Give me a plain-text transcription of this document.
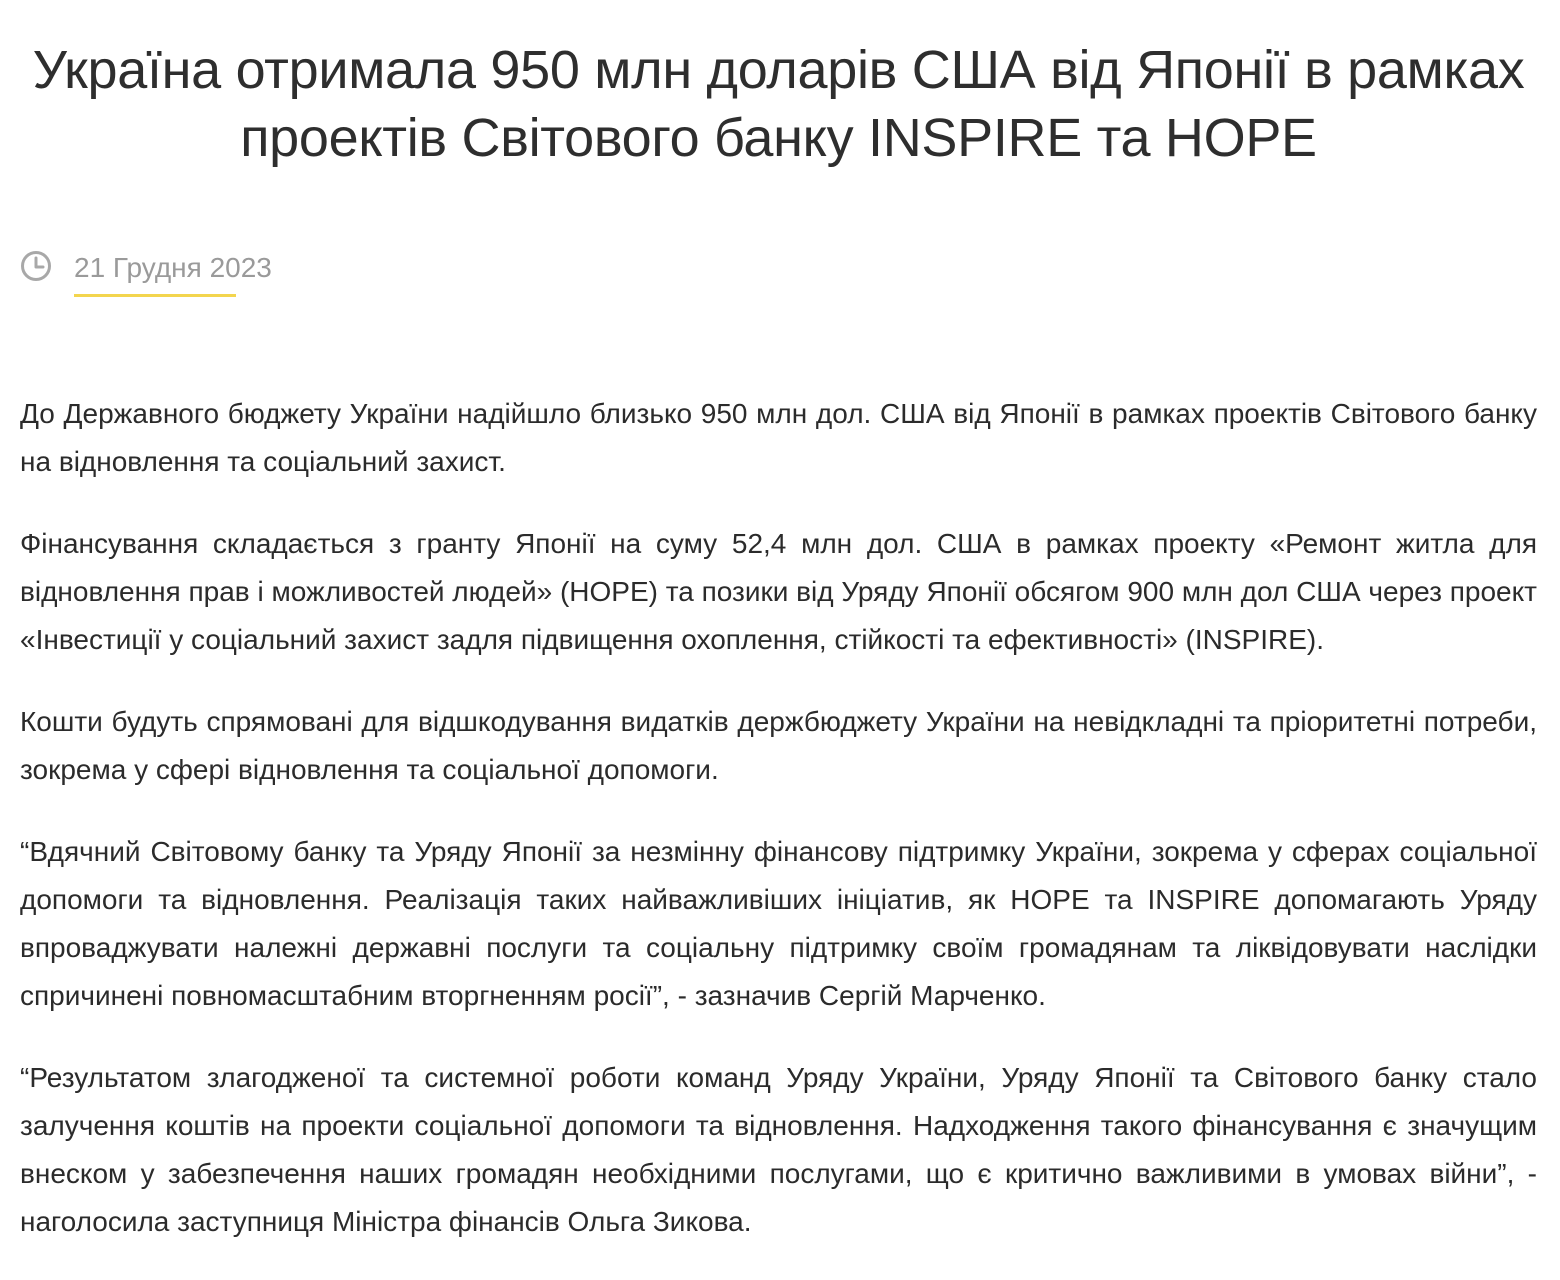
Україна отримала 950 млн доларів США від Японії в рамках проектів Світового банку INSPIRE та HOPE
21 Грудня 2023

До Державного бюджету України надійшло близько 950 млн дол. США від Японії в рамках проектів Світового банку на відновлення та соціальний захист.

Фінансування складається з гранту Японії на суму 52,4 млн дол. США в рамках проекту «Ремонт житла для відновлення прав і можливостей людей» (HOPE) та позики від Уряду Японії обсягом 900 млн дол США через проект «Інвестиції у соціальний захист задля підвищення охоплення, стійкості та ефективності» (INSPIRE).

Кошти будуть спрямовані для відшкодування видатків держбюджету України на невідкладні та пріоритетні потреби, зокрема у сфері відновлення та соціальної допомоги.

“Вдячний Світовому банку та Уряду Японії за незмінну фінансову підтримку України, зокрема у сферах соціальної допомоги та відновлення. Реалізація таких найважливіших ініціатив, як HOPE та INSPIRE допомагають Уряду впроваджувати належні державні послуги та соціальну підтримку своїм громадянам та ліквідовувати наслідки спричинені повномасштабним вторгненням росії”, - зазначив Сергій Марченко.

“Результатом злагодженої та системної роботи команд Уряду України, Уряду Японії та Світового банку стало залучення коштів на проекти соціальної допомоги та відновлення. Надходження такого фінансування є значущим внеском у забезпечення наших громадян необхідними послугами, що є критично важливими в умовах війни”, - наголосила заступниця Міністра фінансів Ольга Зикова.
